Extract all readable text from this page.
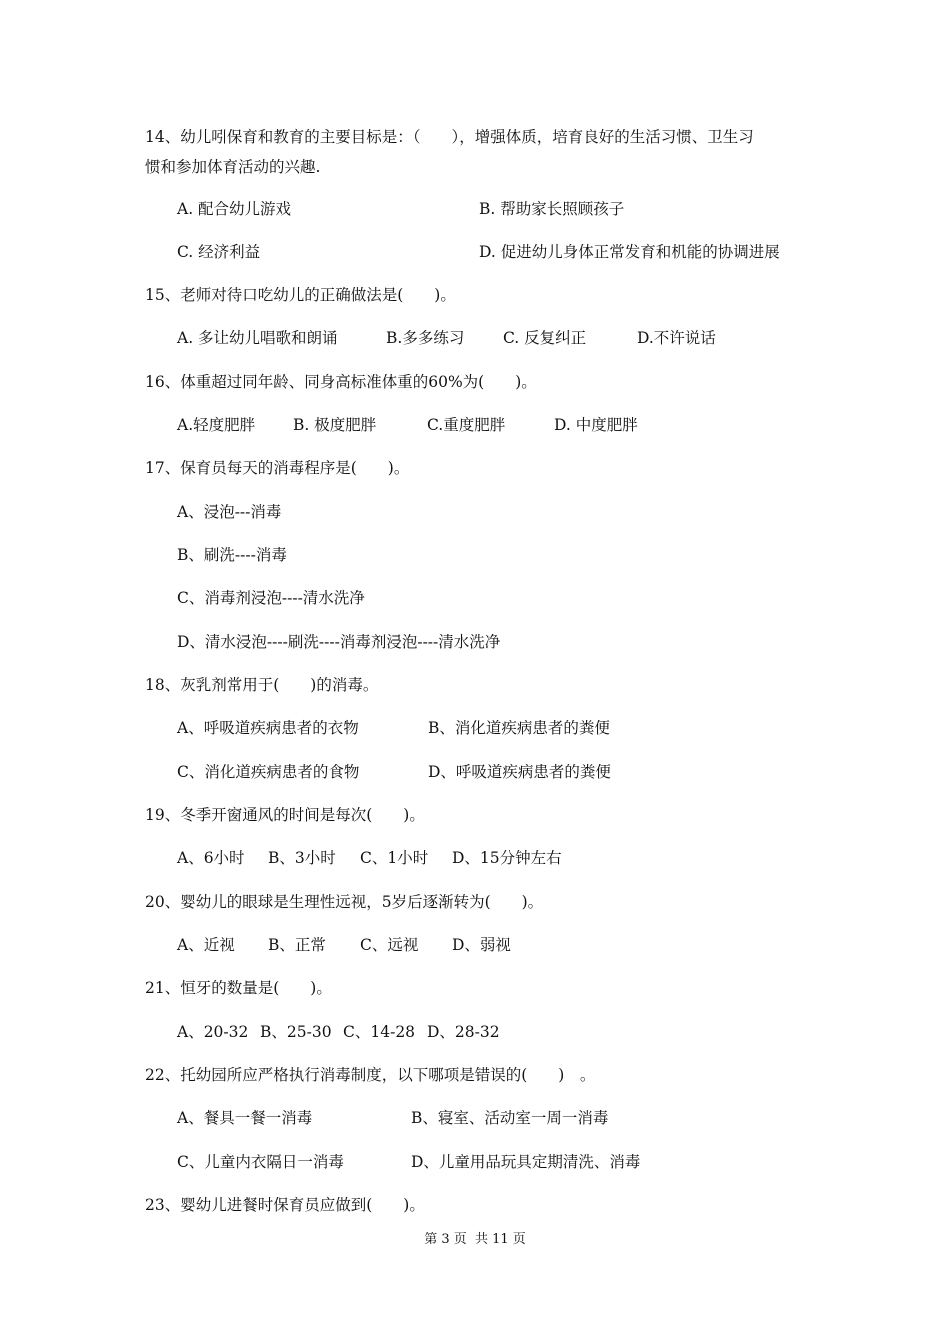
14、幼儿吲保育和教育的主要目标是：（　　），增强体质，培育良好的生活习惯、卫生习
惯和参加体育活动的兴趣.
A. 配合幼儿游戏	B. 帮助家长照顾孩子
C. 经济利益	D. 促进幼儿身体正常发育和机能的协调进展
15、老师对待口吃幼儿的正确做法是(　　)。
A. 多让幼儿唱歌和朗诵	B.多多练习 C. 反复纠正	D.不许说话
16、体重超过同年龄、同身高标准体重的60%为(　　)。
A.轻度肥胖 B. 极度肥胖	C.重度肥胖	D. 中度肥胖
17、保育员每天的消毒程序是(　　)。
A、浸泡---消毒
B、刷洗----消毒
C、消毒剂浸泡----清水洗净
D、清水浸泡----刷洗----消毒剂浸泡----清水洗净
18、灰乳剂常用于(　　)的消毒。
A、呼吸道疾病患者的衣物	B、消化道疾病患者的粪便
C、消化道疾病患者的食物	D、呼吸道疾病患者的粪便
19、冬季开窗通风的时间是每次(　　)。
A、6小时 B、3小时 C、1小时 D、15分钟左右
20、婴幼儿的眼球是生理性远视，5岁后逐渐转为(　　)。
A、近视 B、正常 C、远视 D、弱视
21、恒牙的数量是(　　)。
A、20-32 B、25-30 C、14-28 D、28-32
22、托幼园所应严格执行消毒制度，以下哪项是错误的(　　)　。
A、餐具一餐一消毒	B、寝室、活动室一周一消毒
C、儿童内衣隔日一消毒	D、儿童用品玩具定期清洗、消毒
23、婴幼儿进餐时保育员应做到(　　)。
第 3 页  共 11 页
